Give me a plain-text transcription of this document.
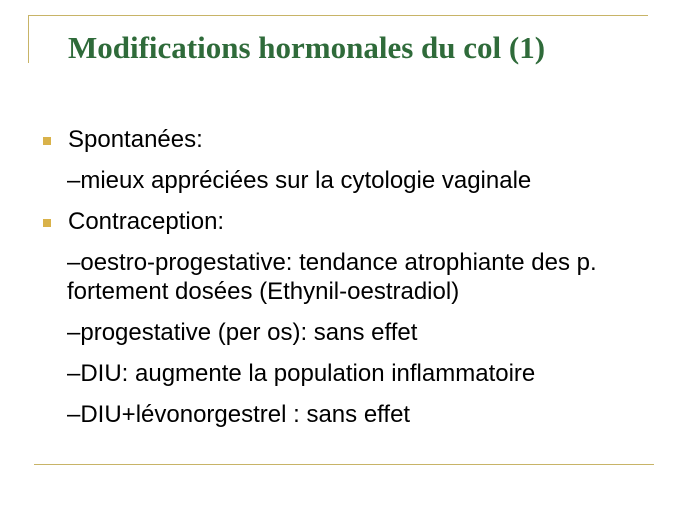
Modifications hormonales du col (1)
Spontanées:
–mieux appréciées sur la cytologie vaginale
Contraception:
–oestro-progestative: tendance atrophiante des p. fortement dosées (Ethynil-oestradiol)
–progestative (per os): sans effet
–DIU: augmente la population inflammatoire
–DIU+lévonorgestrel : sans effet
